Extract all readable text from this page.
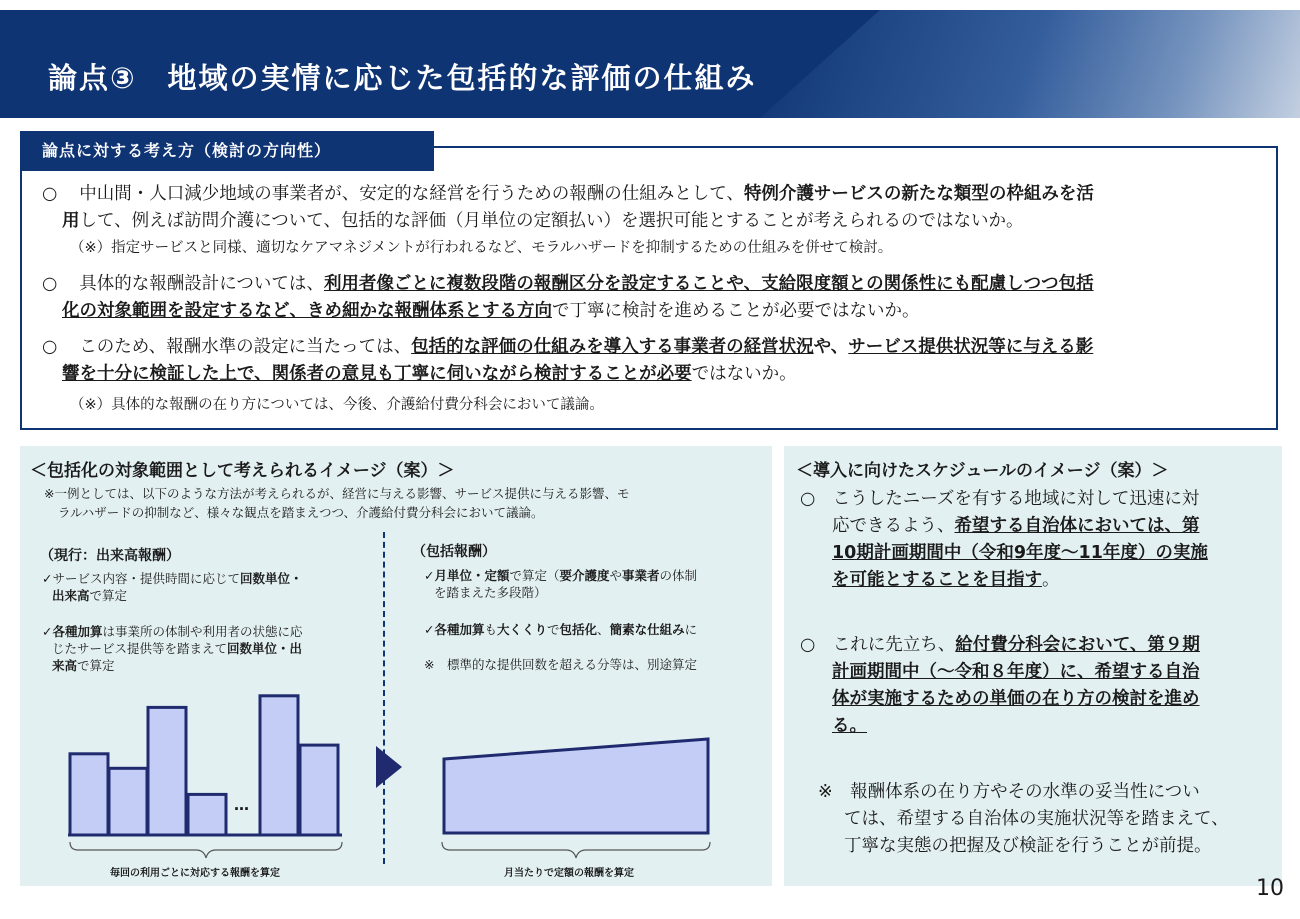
論点③　地域の実情に応じた包括的な評価の仕組み
論点に対する考え方（検討の方向性）
○ 中山間・人口減少地域の事業者が、安定的な経営を行うための報酬の仕組みとして、特例介護サービスの新たな類型の枠組みを活
用して、例えば訪問介護について、包括的な評価（月単位の定額払い）を選択可能とすることが考えられるのではないか。
（※）指定サービスと同様、適切なケアマネジメントが行われるなど、モラルハザードを抑制するための仕組みを併せて検討。
○ 具体的な報酬設計については、利用者像ごとに複数段階の報酬区分を設定することや、支給限度額との関係性にも配慮しつつ包括
化の対象範囲を設定するなど、きめ細かな報酬体系とする方向で丁寧に検討を進めることが必要ではないか。
○ このため、報酬水準の設定に当たっては、包括的な評価の仕組みを導入する事業者の経営状況や、サービス提供状況等に与える影
響を十分に検証した上で、関係者の意見も丁寧に伺いながら検討することが必要ではないか。
（※）具体的な報酬の在り方については、今後、介護給付費分科会において議論。
＜包括化の対象範囲として考えられるイメージ（案）＞
※一例としては、以下のような方法が考えられるが、経営に与える影響、サービス提供に与える影響、モ
ラルハザードの抑制など、様々な観点を踏まえつつ、介護給付費分科会において議論。
（現行：出来高報酬）
✓サービス内容・提供時間に応じて回数単位・
出来高で算定
✓各種加算は事業所の体制や利用者の状態に応
じたサービス提供等を踏まえて回数単位・出
来高で算定
（包括報酬）
✓月単位・定額で算定（要介護度や事業者の体制
を踏まえた多段階）
✓各種加算も大くくりで包括化、簡素な仕組みに
※　標準的な提供回数を超える分等は、別途算定
…
毎回の利用ごとに対応する報酬を算定	月当たりで定額の報酬を算定
＜導入に向けたスケジュールのイメージ（案）＞
○　こうしたニーズを有する地域に対して迅速に対
応できるよう、希望する自治体においては、第
10期計画期間中（令和9年度～11年度）の実施
を可能とすることを目指す。
○　これに先立ち、給付費分科会において、第９期
計画期間中（～令和８年度）に、希望する自治
体が実施するための単価の在り方の検討を進め
る。
※　報酬体系の在り方やその水準の妥当性につい
ては、希望する自治体の実施状況等を踏まえて、
丁寧な実態の把握及び検証を行うことが前提。
10
